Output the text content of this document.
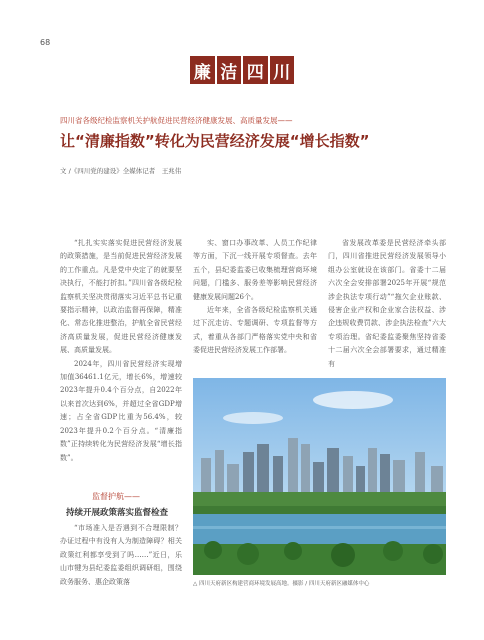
68
廉 洁 四 川
四川省各级纪检监察机关护航促进民营经济健康发展、高质量发展——
让“清廉指数”转化为民营经济发展“增长指数”
文 /《四川党的建设》全媒体记者　王兆伟

“扎扎实实落实促进民营经济发展的政策措施，是当前促进民营经济发展的工作重点。凡是党中央定了的就要坚决执行，不能打折扣。”四川省各级纪检监察机关坚决贯彻落实习近平总书记重要指示精神，以政治监督再保障，精准化、常态化推进整治，护航全省民营经济高质量发展，促进民营经济健康发展、高质量发展。

2024年，四川省民营经济实现增加值36461.1亿元，增长6%，增速较2023年提升0.4个百分点，自2022年以来首次达到6%，并超过全省GDP增速；占全省GDP比重为56.4%，较2023年提升0.2个百分点。“清廉指数”正持续转化为民营经济发展“增长指数”。

实、窗口办事改革、人员工作纪律等方面，下沉一线开展专项督查。去年五个，县纪委监委已收集梳理营商环境问题，门槛多、服务差等影响民营经济健康发展问题26个。

近年来，全省各级纪检监察机关通过下沉走访、专题调研、专项监督等方式，着重从各部门严格落实党中央和省委促进民营经济发展工作部署。

省发展改革委是民营经济牵头部门，四川省推进民营经济发展领导小组办公室就设在该部门。省委十二届六次全会安排部署2025年开展“规范涉企执法专项行动”“拖欠企业账款、侵害企业产权和企业家合法权益、涉企违规收费罚款、涉企执法检查”六大专项治理。省纪委监委聚焦坚持省委十二届六次全会部署要求，通过精准有

监督护航——
持续开展政策落实监督检查

“市场准入是否遇到不合理限制？办证过程中有没有人为制造障碍？相关政策红利都享受到了吗……”近日，乐山市犍为县纪委监委组织调研组，围绕政务服务、惠企政策落	△ 四川天府新区构建营商环境发展高地。摄影 / 四川天府新区融媒体中心
